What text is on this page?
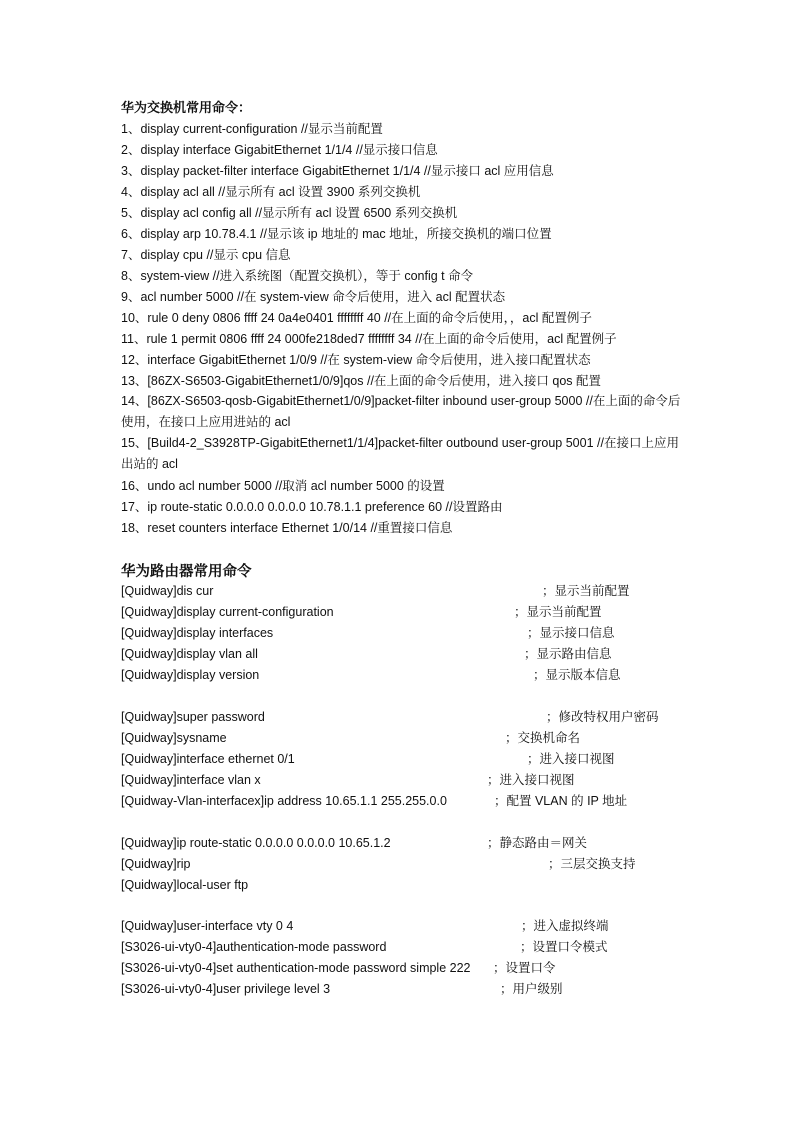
华为交换机常用命令：
1、display current-configuration //显示当前配置
2、display interface GigabitEthernet 1/1/4 //显示接口信息
3、display packet-filter interface GigabitEthernet 1/1/4 //显示接口 acl 应用信息
4、display acl all //显示所有 acl 设置 3900 系列交换机
5、display acl config all //显示所有 acl 设置 6500 系列交换机
6、display arp 10.78.4.1 //显示该 ip 地址的 mac 地址，所接交换机的端口位置
7、display cpu //显示 cpu 信息
8、system-view //进入系统图（配置交换机），等于 config t 命令
9、acl number 5000 //在 system-view 命令后使用，进入 acl 配置状态
10、rule 0 deny 0806 ffff 24 0a4e0401 ffffffff 40 //在上面的命令后使用，，acl 配置例子
11、rule 1 permit 0806 ffff 24 000fe218ded7 ffffffff 34 //在上面的命令后使用，acl 配置例子
12、interface GigabitEthernet 1/0/9 //在 system-view 命令后使用，进入接口配置状态
13、[86ZX-S6503-GigabitEthernet1/0/9]qos //在上面的命令后使用，进入接口 qos 配置
14、[86ZX-S6503-qosb-GigabitEthernet1/0/9]packet-filter inbound user-group 5000 //在上面的命令后使用，在接口上应用进站的 acl
15、[Build4-2_S3928TP-GigabitEthernet1/1/4]packet-filter outbound user-group 5001 //在接口上应用出站的 acl
16、undo acl number 5000 //取消 acl number 5000 的设置
17、ip route-static 0.0.0.0 0.0.0.0 10.78.1.1 preference 60 //设置路由
18、reset counters interface Ethernet 1/0/14 //重置接口信息
华为路由器常用命令
[Quidway]dis cur	；显示当前配置
[Quidway]display current-configuration	；显示当前配置
[Quidway]display interfaces	；显示接口信息
[Quidway]display vlan all	；显示路由信息
[Quidway]display version	；显示版本信息
[Quidway]super password	；修改特权用户密码
[Quidway]sysname	；交换机命名
[Quidway]interface ethernet 0/1	；进入接口视图
[Quidway]interface vlan x	；进入接口视图
[Quidway-Vlan-interfacex]ip address 10.65.1.1 255.255.0.0	；配置 VLAN 的 IP 地址
[Quidway]ip route-static 0.0.0.0 0.0.0.0 10.65.1.2	；静态路由＝网关
[Quidway]rip	；三层交换支持
[Quidway]local-user ftp
[Quidway]user-interface vty 0 4	；进入虚拟终端
[S3026-ui-vty0-4]authentication-mode password	；设置口令模式
[S3026-ui-vty0-4]set authentication-mode password simple 222 ；设置口令
[S3026-ui-vty0-4]user privilege level 3	；用户级别
